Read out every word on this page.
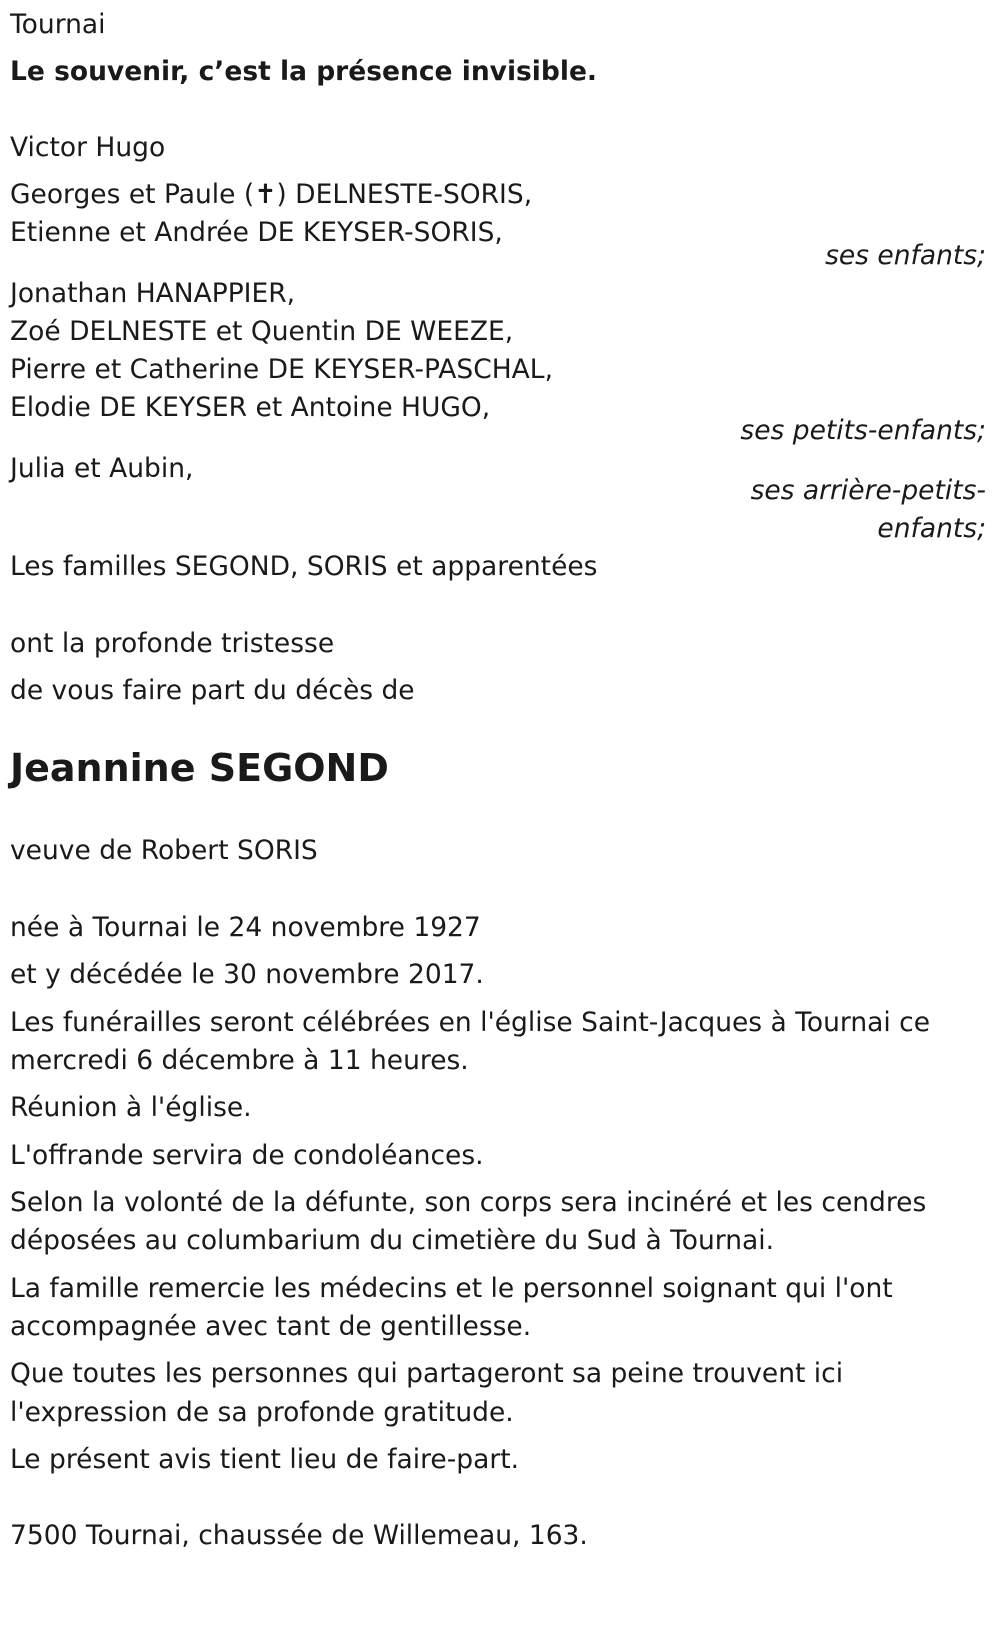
Tournai

Le souvenir, c’est la présence invisible.

Victor Hugo

Georges et Paule (✝) DELNESTE-SORIS,

Etienne et Andrée DE KEYSER-SORIS,

ses enfants;

Jonathan HANAPPIER,

Zoé DELNESTE et Quentin DE WEEZE,

Pierre et Catherine DE KEYSER-PASCHAL,

Elodie DE KEYSER et Antoine HUGO,

ses petits-enfants;

Julia et Aubin,

ses arrière-petits-

enfants;

Les familles SEGOND, SORIS et apparentées

ont la profonde tristesse

de vous faire part du décès de

Jeannine SEGOND

veuve de Robert SORIS

née à Tournai le 24 novembre 1927

et y décédée le 30 novembre 2017.

Les funérailles seront célébrées en l'église Saint-Jacques à Tournai ce

mercredi 6 décembre à 11 heures.

Réunion à l'église.

L'offrande servira de condoléances.

Selon la volonté de la défunte, son corps sera incinéré et les cendres

déposées au columbarium du cimetière du Sud à Tournai.

La famille remercie les médecins et le personnel soignant qui l'ont

accompagnée avec tant de gentillesse.

Que toutes les personnes qui partageront sa peine trouvent ici

l'expression de sa profonde gratitude.

Le présent avis tient lieu de faire-part.

7500 Tournai, chaussée de Willemeau, 163.
